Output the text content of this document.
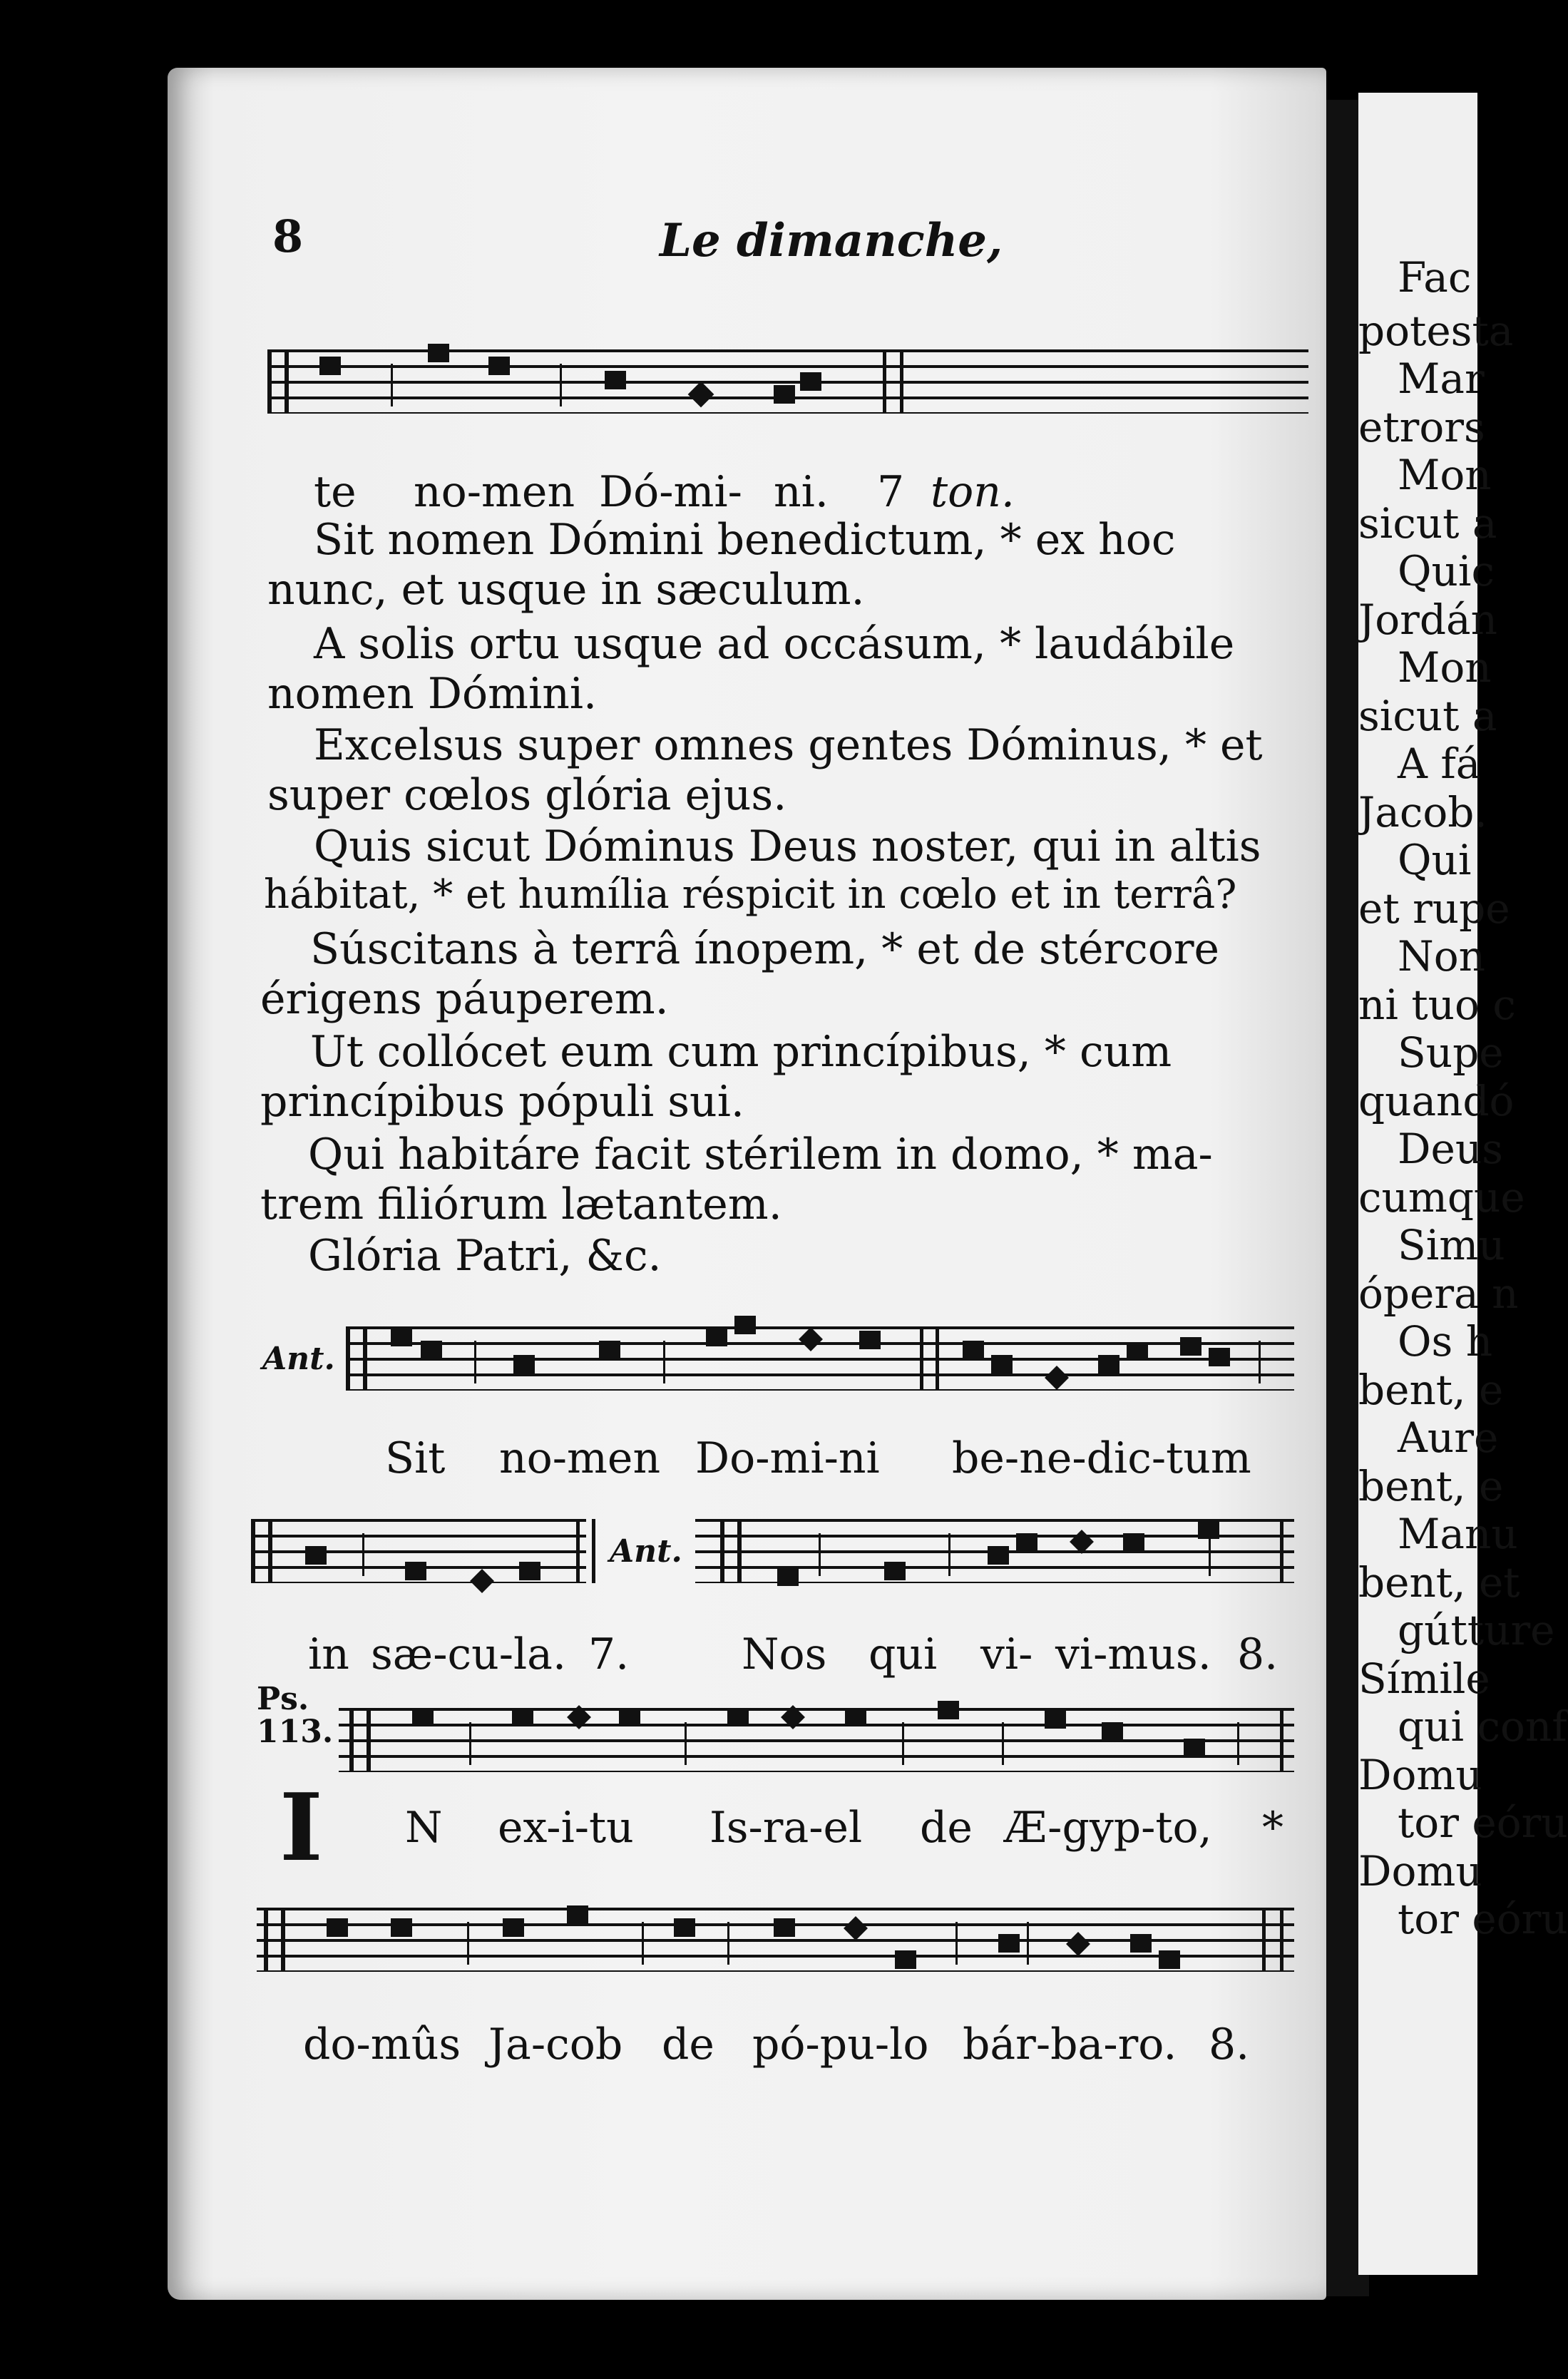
Fac
potesta
Mar
etrors
Mon
sicut a
Quic
Jordán
Mon
sicut a
A fá
Jacob.
Qui
et rupe
Non
ni tuo c
Supe
quandó
Deus
cumque
Simu
ópera n
Os h
bent, e
Aure
bent, e
Manu
bent, et
gútture
Símile
qui conf
Domu
tor eóru
Domu
tor eóru
8	Le dimanche,
te no-men Dó-mi- ni. 7 ton.
Sit nomen Dómini benedictum, * ex hoc
nunc, et usque in sæculum.
A solis ortu usque ad occásum, * laudábile
nomen Dómini.
Excelsus super omnes gentes Dóminus, * et
super cœlos glória ejus.
Quis sicut Dóminus Deus noster, qui in altis
hábitat, * et humília réspicit in cœlo et in terrâ?
Súscitans à terrâ ínopem, * et de stércore
érigens páuperem.
Ut collócet eum cum princípibus, * cum
princípibus pópuli sui.
Qui habitáre facit stérilem in domo, * ma-
trem filiórum lætantem.
Glória Patri, &c.
Ant.
Sit no-men Do-mi-ni be-ne-dic-tum
Ant.
in sæ-cu-la. 7.	Nos qui vi- vi-mus. 8.
Ps.
113.
I N ex-i-tu Is-ra-el de Æ-gyp-to, *
do-mûs Ja-cob de pó-pu-lo bár-ba-ro. 8.
